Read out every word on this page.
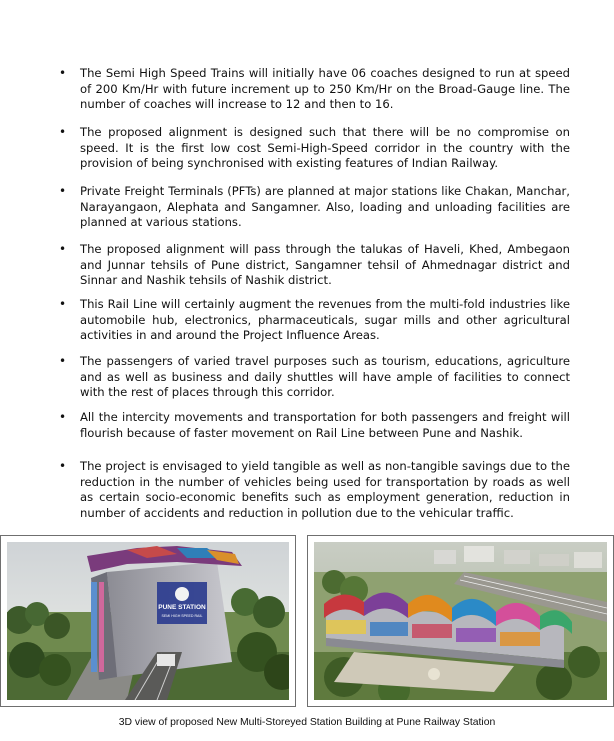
• The Semi High Speed Trains will initially have 06 coaches designed to run at speed of 200 Km/Hr with future increment up to 250 Km/Hr on the Broad-Gauge line. The number of coaches will increase to 12 and then to 16.
• The proposed alignment is designed such that there will be no compromise on speed. It is the first low cost Semi-High-Speed corridor in the country with the provision of being synchronised with existing features of Indian Railway.
• Private Freight Terminals (PFTs) are planned at major stations like Chakan, Manchar, Narayangaon, Alephata and Sangamner. Also, loading and unloading facilities are planned at various stations.
• The proposed alignment will pass through the talukas of Haveli, Khed, Ambegaon and Junnar tehsils of Pune district, Sangamner tehsil of Ahmednagar district and Sinnar and Nashik tehsils of Nashik district.
• This Rail Line will certainly augment the revenues from the multi-fold industries like automobile hub, electronics, pharmaceuticals, sugar mills and other agricultural activities in and around the Project Influence Areas.
• The passengers of varied travel purposes such as tourism, educations, agriculture and as well as business and daily shuttles will have ample of facilities to connect with the rest of places through this corridor.
• All the intercity movements and transportation for both passengers and freight will flourish because of faster movement on Rail Line between Pune and Nashik.
• The project is envisaged to yield tangible as well as non-tangible savings due to the reduction in the number of vehicles being used for transportation by roads as well as certain socio-economic benefits such as employment generation, reduction in number of accidents and reduction in pollution due to the vehicular traffic.
PUNE STATION
SEMI HIGH SPEED RAIL
3D view of proposed New Multi-Storeyed Station Building at Pune Railway Station
